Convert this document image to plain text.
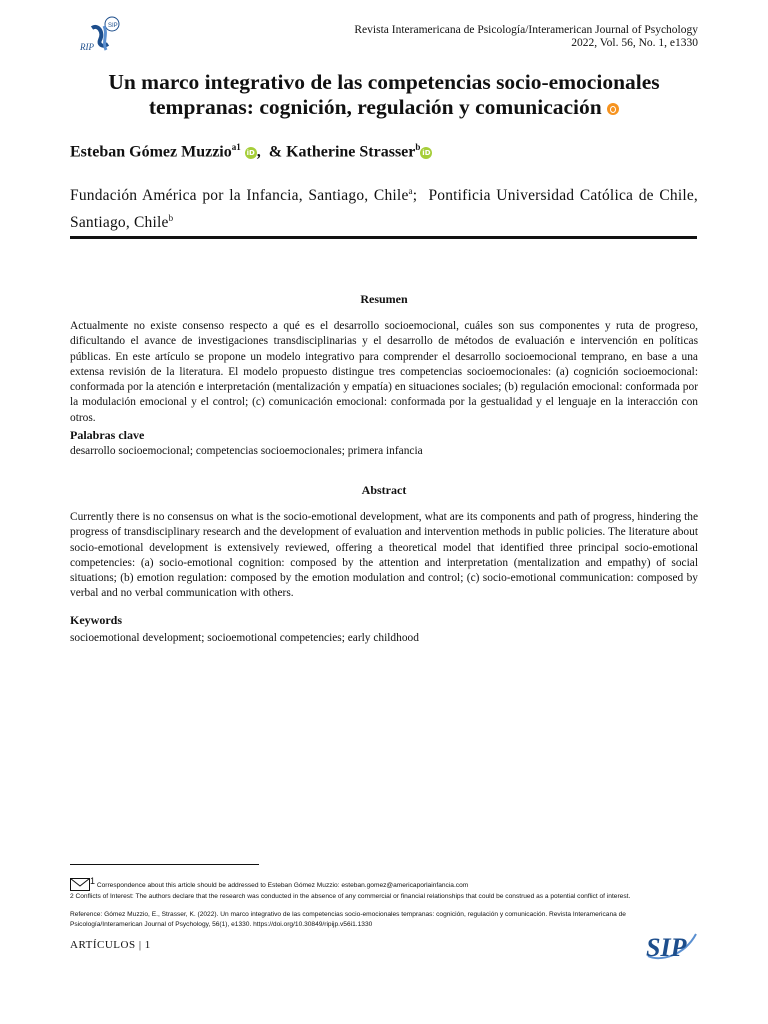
SIP
RIP
Revista Interamericana de Psicología/Interamerican Journal of Psychology
2022, Vol. 56, No. 1, e1330
Un marco integrativo de las competencias socio-emocionales tempranas: cognición, regulación y comunicación
Esteban Gómez Muzzio$^{a1}$ iD ,  & Katherine Strasser$^b$iD
Fundación América por la Infancia, Santiago, Chile$^a$;  Pontificia Universidad Católica de Chile, Santiago, Chile$^b$
Resumen
Actualmente no existe consenso respecto a qué es el desarrollo socioemocional, cuáles son sus componentes y ruta de progreso, dificultando el avance de investigaciones transdisciplinarias y el desarrollo de métodos de evaluación e intervención en políticas públicas. En este artículo se propone un modelo integrativo para comprender el desarrollo socioemocional temprano, en base a una extensa revisión de la literatura. El modelo propuesto distingue tres competencias socioemocionales: (a) cognición socioemocional: conformada por la atención e interpretación (mentalización y empatía) en situaciones sociales; (b) regulación emocional: conformada por la modulación emocional y el control; (c) comunicación emocional: conformada por la gestualidad y el lenguaje en la interacción con otros.
Palabras clave
desarrollo socioemocional; competencias socioemocionales; primera infancia
Abstract
Currently there is no consensus on what is the socio-emotional development, what are its components and path of progress, hindering the progress of transdisciplinary research and the development of evaluation and intervention methods in public policies. The literature about socio-emotional development is extensively reviewed, offering a theoretical model that identified three principal socio-emotional competencies: (a) socio-emotional cognition: composed by the attention and interpretation (mentalization and empathy) of social situations; (b) emotion regulation: composed by the emotion modulation and control; (c) socio-emotional communication: composed by verbal and no verbal communication with others.
Keywords
socioemotional development; socioemotional competencies; early childhood
$^1$ Correspondence about this article should be addressed to Esteban Gómez Muzzio: esteban.gomez@americaporlainfancia.com
2 Conflicts of Interest: The authors declare that the research was conducted in the absence of any commercial or financial relationships that could be construed as a potential conflict of interest.
Reference: Gómez Muzzio, E., Strasser, K. (2022). Un marco integrativo de las competencias socio-emocionales tempranas: cognición, regulación y comunicación. Revista Interamericana de Psicología/Interamerican Journal of Psychology, 56(1), e1330. https://doi.org/10.30849/ripijp.v56i1.1330
ARTÍCULOS | 1	SIP
